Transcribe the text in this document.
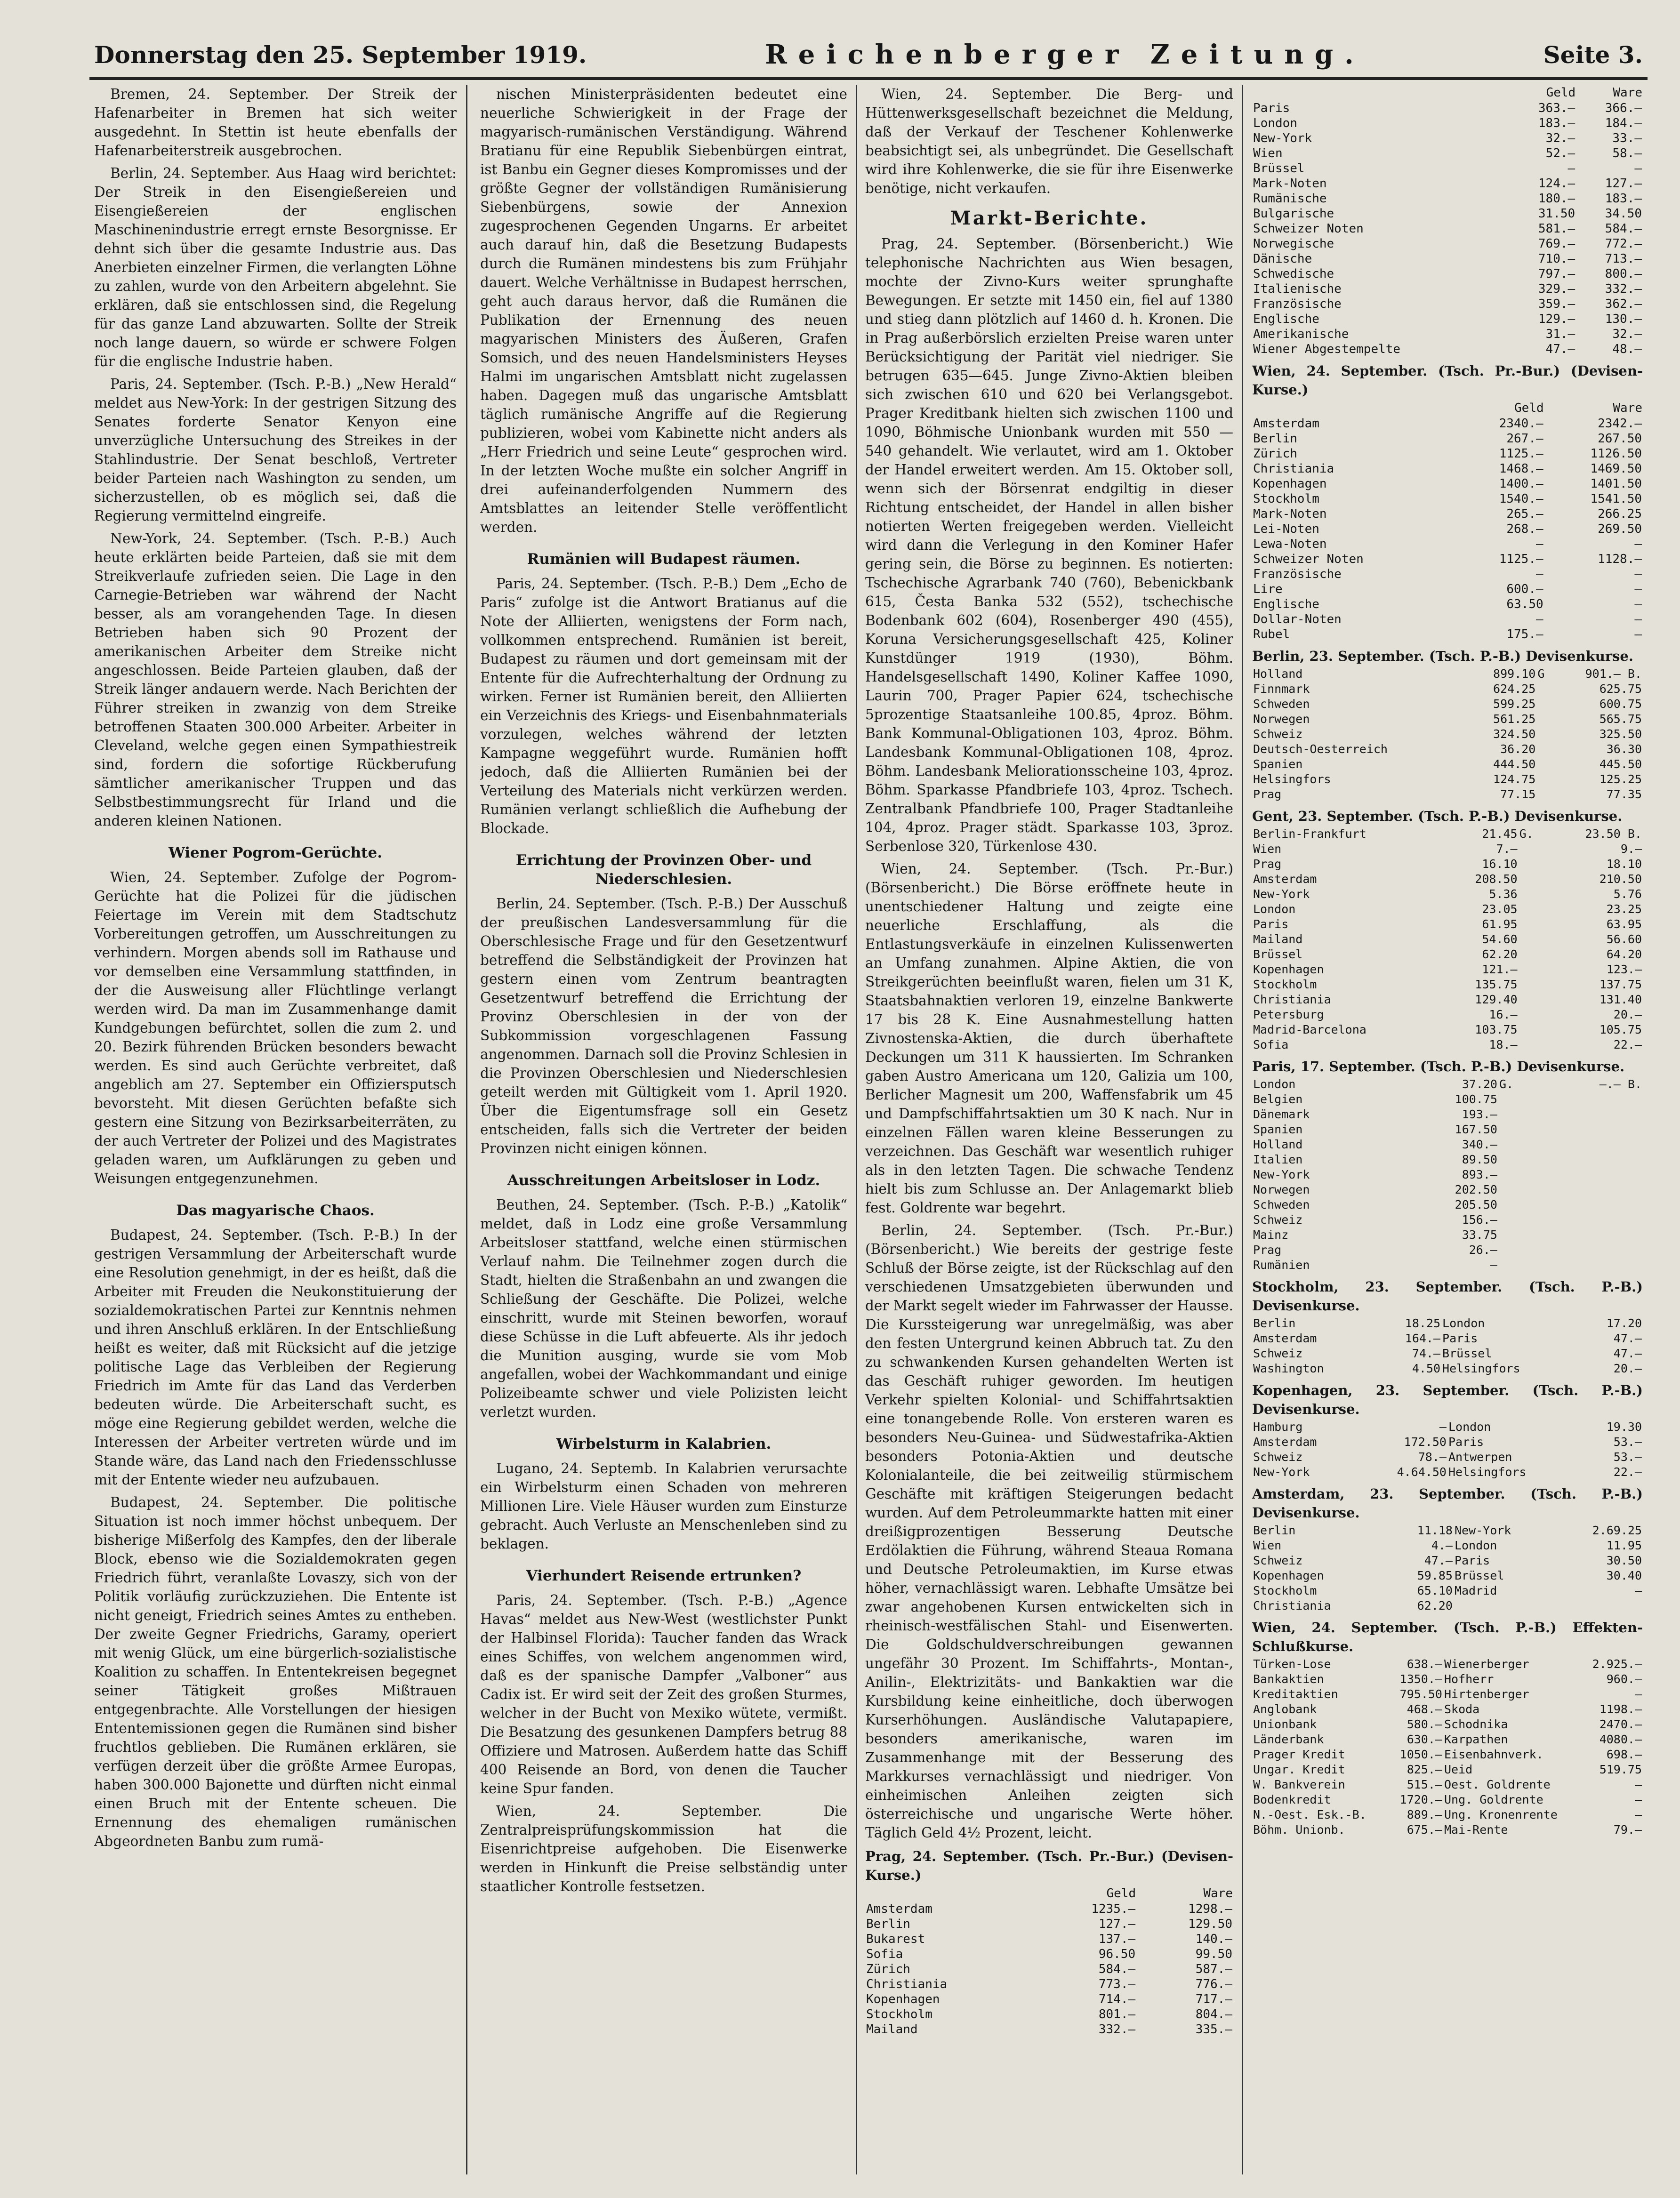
Donnerstag den 25. September 1919.	Reichenberger Zeitung.	Seite 3.

Bremen, 24. September. Der Streik der Hafenarbeiter in Bremen hat sich weiter ausgedehnt. In Stettin ist heute ebenfalls der Hafenarbeiterstreik ausgebrochen.

Berlin, 24. September. Aus Haag wird berichtet: Der Streik in den Eisengießereien und Eisengießereien der englischen Maschinenindustrie erregt ernste Besorgnisse. Er dehnt sich über die gesamte Industrie aus. Das Anerbieten einzelner Firmen, die verlangten Löhne zu zahlen, wurde von den Arbeitern abgelehnt. Sie erklären, daß sie entschlossen sind, die Regelung für das ganze Land abzuwarten. Sollte der Streik noch lange dauern, so würde er schwere Folgen für die englische Industrie haben.

Paris, 24. September. (Tsch. P.-B.) „New Herald“ meldet aus New-York: In der gestrigen Sitzung des Senates forderte Senator Kenyon eine unverzügliche Untersuchung des Streikes in der Stahlindustrie. Der Senat beschloß, Vertreter beider Parteien nach Washington zu senden, um sicherzustellen, ob es möglich sei, daß die Regierung vermittelnd eingreife.

New-York, 24. September. (Tsch. P.-B.) Auch heute erklärten beide Parteien, daß sie mit dem Streikverlaufe zufrieden seien. Die Lage in den Carnegie-Betrieben war während der Nacht besser, als am vorangehenden Tage. In diesen Betrieben haben sich 90 Prozent der amerikanischen Arbeiter dem Streike nicht angeschlossen. Beide Parteien glauben, daß der Streik länger andauern werde. Nach Berichten der Führer streiken in zwanzig von dem Streike betroffenen Staaten 300.000 Arbeiter. Arbeiter in Cleveland, welche gegen einen Sympathiestreik sind, fordern die sofortige Rückberufung sämtlicher amerikanischer Truppen und das Selbstbestimmungsrecht für Irland und die anderen kleinen Nationen.

Wiener Pogrom-Gerüchte.

Wien, 24. September. Zufolge der Pogrom-Gerüchte hat die Polizei für die jüdischen Feiertage im Verein mit dem Stadtschutz Vorbereitungen getroffen, um Ausschreitungen zu verhindern. Morgen abends soll im Rathause und vor demselben eine Versammlung stattfinden, in der die Ausweisung aller Flüchtlinge verlangt werden wird. Da man im Zusammenhange damit Kundgebungen befürchtet, sollen die zum 2. und 20. Bezirk führenden Brücken besonders bewacht werden. Es sind auch Gerüchte verbreitet, daß angeblich am 27. September ein Offiziersputsch bevorsteht. Mit diesen Gerüchten befaßte sich gestern eine Sitzung von Bezirksarbeiterräten, zu der auch Vertreter der Polizei und des Magistrates geladen waren, um Aufklärungen zu geben und Weisungen entgegenzunehmen.

Das magyarische Chaos.

Budapest, 24. September. (Tsch. P.-B.) In der gestrigen Versammlung der Arbeiterschaft wurde eine Resolution genehmigt, in der es heißt, daß die Arbeiter mit Freuden die Neukonstituierung der sozialdemokratischen Partei zur Kenntnis nehmen und ihren Anschluß erklären. In der Entschließung heißt es weiter, daß mit Rücksicht auf die jetzige politische Lage das Verbleiben der Regierung Friedrich im Amte für das Land das Verderben bedeuten würde. Die Arbeiterschaft sucht, es möge eine Regierung gebildet werden, welche die Interessen der Arbeiter vertreten würde und im Stande wäre, das Land nach den Friedensschlusse mit der Entente wieder neu aufzubauen.

Budapest, 24. September. Die politische Situation ist noch immer höchst unbequem. Der bisherige Mißerfolg des Kampfes, den der liberale Block, ebenso wie die Sozialdemokraten gegen Friedrich führt, veranlaßte Lovaszy, sich von der Politik vorläufig zurückzuziehen. Die Entente ist nicht geneigt, Friedrich seines Amtes zu entheben. Der zweite Gegner Friedrichs, Garamy, operiert mit wenig Glück, um eine bürgerlich-sozialistische Koalition zu schaffen. In Ententekreisen begegnet seiner Tätigkeit großes Mißtrauen entgegenbrachte. Alle Vorstellungen der hiesigen Ententemissionen gegen die Rumänen sind bisher fruchtlos geblieben. Die Rumänen erklären, sie verfügen derzeit über die größte Armee Europas, haben 300.000 Bajonette und dürften nicht einmal einen Bruch mit der Entente scheuen. Die Ernennung des ehemaligen rumänischen Abgeordneten Banbu zum rumä-

nischen Ministerpräsidenten bedeutet eine neuerliche Schwierigkeit in der Frage der magyarisch-rumänischen Verständigung. Während Bratianu für eine Republik Siebenbürgen eintrat, ist Banbu ein Gegner dieses Kompromisses und der größte Gegner der vollständigen Rumänisierung Siebenbürgens, sowie der Annexion zugesprochenen Gegenden Ungarns. Er arbeitet auch darauf hin, daß die Besetzung Budapests durch die Rumänen mindestens bis zum Frühjahr dauert. Welche Verhältnisse in Budapest herrschen, geht auch daraus hervor, daß die Rumänen die Publikation der Ernennung des neuen magyarischen Ministers des Äußeren, Grafen Somsich, und des neuen Handelsministers Heyses Halmi im ungarischen Amtsblatt nicht zugelassen haben. Dagegen muß das ungarische Amtsblatt täglich rumänische Angriffe auf die Regierung publizieren, wobei vom Kabinette nicht anders als „Herr Friedrich und seine Leute“ gesprochen wird. In der letzten Woche mußte ein solcher Angriff in drei aufeinanderfolgenden Nummern des Amtsblattes an leitender Stelle veröffentlicht werden.

Rumänien will Budapest räumen.

Paris, 24. September. (Tsch. P.-B.) Dem „Echo de Paris“ zufolge ist die Antwort Bratianus auf die Note der Alliierten, wenigstens der Form nach, vollkommen entsprechend. Rumänien ist bereit, Budapest zu räumen und dort gemeinsam mit der Entente für die Aufrechterhaltung der Ordnung zu wirken. Ferner ist Rumänien bereit, den Alliierten ein Verzeichnis des Kriegs- und Eisenbahnmaterials vorzulegen, welches während der letzten Kampagne weggeführt wurde. Rumänien hofft jedoch, daß die Alliierten Rumänien bei der Verteilung des Materials nicht verkürzen werden. Rumänien verlangt schließlich die Aufhebung der Blockade.

Errichtung der Provinzen Ober- und Niederschlesien.

Berlin, 24. September. (Tsch. P.-B.) Der Ausschuß der preußischen Landesversammlung für die Oberschlesische Frage und für den Gesetzentwurf betreffend die Selbständigkeit der Provinzen hat gestern einen vom Zentrum beantragten Gesetzentwurf betreffend die Errichtung der Provinz Oberschlesien in der von der Subkommission vorgeschlagenen Fassung angenommen. Darnach soll die Provinz Schlesien in die Provinzen Oberschlesien und Niederschlesien geteilt werden mit Gültigkeit vom 1. April 1920. Über die Eigentumsfrage soll ein Gesetz entscheiden, falls sich die Vertreter der beiden Provinzen nicht einigen können.

Ausschreitungen Arbeitsloser in Lodz.

Beuthen, 24. September. (Tsch. P.-B.) „Katolik“ meldet, daß in Lodz eine große Versammlung Arbeitsloser stattfand, welche einen stürmischen Verlauf nahm. Die Teilnehmer zogen durch die Stadt, hielten die Straßenbahn an und zwangen die Schließung der Geschäfte. Die Polizei, welche einschritt, wurde mit Steinen beworfen, worauf diese Schüsse in die Luft abfeuerte. Als ihr jedoch die Munition ausging, wurde sie vom Mob angefallen, wobei der Wachkommandant und einige Polizeibeamte schwer und viele Polizisten leicht verletzt wurden.

Wirbelsturm in Kalabrien.

Lugano, 24. Septemb. In Kalabrien verursachte ein Wirbelsturm einen Schaden von mehreren Millionen Lire. Viele Häuser wurden zum Einsturze gebracht. Auch Verluste an Menschenleben sind zu beklagen.

Vierhundert Reisende ertrunken?

Paris, 24. September. (Tsch. P.-B.) „Agence Havas“ meldet aus New-West (westlichster Punkt der Halbinsel Florida): Taucher fanden das Wrack eines Schiffes, von welchem angenommen wird, daß es der spanische Dampfer „Valboner“ aus Cadix ist. Er wird seit der Zeit des großen Sturmes, welcher in der Bucht von Mexiko wütete, vermißt. Die Besatzung des gesunkenen Dampfers betrug 88 Offiziere und Matrosen. Außerdem hatte das Schiff 400 Reisende an Bord, von denen die Taucher keine Spur fanden.

Wien, 24. September. Die Zentralpreisprüfungskommission hat die Eisenrichtpreise aufgehoben. Die Eisenwerke werden in Hinkunft die Preise selbständig unter staatlicher Kontrolle festsetzen.

Wien, 24. September. Die Berg- und Hüttenwerksgesellschaft bezeichnet die Meldung, daß der Verkauf der Teschener Kohlenwerke beabsichtigt sei, als unbegründet. Die Gesellschaft wird ihre Kohlenwerke, die sie für ihre Eisenwerke benötige, nicht verkaufen.

Markt-Berichte.

Prag, 24. September. (Börsenbericht.) Wie telephonische Nachrichten aus Wien besagen, mochte der Zivno-Kurs weiter sprunghafte Bewegungen. Er setzte mit 1450 ein, fiel auf 1380 und stieg dann plötzlich auf 1460 d. h. Kronen. Die in Prag außerbörslich erzielten Preise waren unter Berücksichtigung der Parität viel niedriger. Sie betrugen 635—645. Junge Zivno-Aktien bleiben sich zwischen 610 und 620 bei Verlangsgebot. Prager Kreditbank hielten sich zwischen 1100 und 1090, Böhmische Unionbank wurden mit 550 — 540 gehandelt. Wie verlautet, wird am 1. Oktober der Handel erweitert werden. Am 15. Oktober soll, wenn sich der Börsenrat endgiltig in dieser Richtung entscheidet, der Handel in allen bisher notierten Werten freigegeben werden. Vielleicht wird dann die Verlegung in den Kominer Hafer gering sein, die Börse zu beginnen. Es notierten: Tschechische Agrarbank 740 (760), Bebenickbank 615, Česta Banka 532 (552), tschechische Bodenbank 602 (604), Rosenberger 490 (455), Koruna Versicherungsgesellschaft 425, Koliner Kunstdünger 1919 (1930), Böhm. Handelsgesellschaft 1490, Koliner Kaffee 1090, Laurin 700, Prager Papier 624, tschechische 5prozentige Staatsanleihe 100.85, 4proz. Böhm. Bank Kommunal-Obligationen 103, 4proz. Böhm. Landesbank Kommunal-Obligationen 108, 4proz. Böhm. Landesbank Meliorationsscheine 103, 4proz. Böhm. Sparkasse Pfandbriefe 103, 4proz. Tschech. Zentralbank Pfandbriefe 100, Prager Stadtanleihe 104, 4proz. Prager städt. Sparkasse 103, 3proz. Serbenlose 320, Türkenlose 430.

Wien, 24. September. (Tsch. Pr.-Bur.) (Börsenbericht.) Die Börse eröffnete heute in unentschiedener Haltung und zeigte eine neuerliche Erschlaffung, als die Entlastungsverkäufe in einzelnen Kulissenwerten an Umfang zunahmen. Alpine Aktien, die von Streikgerüchten beeinflußt waren, fielen um 31 K, Staatsbahnaktien verloren 19, einzelne Bankwerte 17 bis 28 K. Eine Ausnahmestellung hatten Zivnostenska-Aktien, die durch überhaftete Deckungen um 311 K haussierten. Im Schranken gaben Austro Americana um 120, Galizia um 100, Berlicher Magnesit um 200, Waffensfabrik um 45 und Dampfschiffahrtsaktien um 30 K nach. Nur in einzelnen Fällen waren kleine Besserungen zu verzeichnen. Das Geschäft war wesentlich ruhiger als in den letzten Tagen. Die schwache Tendenz hielt bis zum Schlusse an. Der Anlagemarkt blieb fest. Goldrente war begehrt.

Berlin, 24. September. (Tsch. Pr.-Bur.) (Börsenbericht.) Wie bereits der gestrige feste Schluß der Börse zeigte, ist der Rückschlag auf den verschiedenen Umsatzgebieten überwunden und der Markt segelt wieder im Fahrwasser der Hausse. Die Kurssteigerung war unregelmäßig, was aber den festen Untergrund keinen Abbruch tat. Zu den zu schwankenden Kursen gehandelten Werten ist das Geschäft ruhiger geworden. Im heutigen Verkehr spielten Kolonial- und Schiffahrtsaktien eine tonangebende Rolle. Von ersteren waren es besonders Neu-Guinea- und Südwestafrika-Aktien besonders Potonia-Aktien und deutsche Kolonialanteile, die bei zeitweilig stürmischem Geschäfte mit kräftigen Steigerungen bedacht wurden. Auf dem Petroleummarkte hatten mit einer dreißigprozentigen Besserung Deutsche Erdölaktien die Führung, während Steaua Romana und Deutsche Petroleumaktien, im Kurse etwas höher, vernachlässigt waren. Lebhafte Umsätze bei zwar angehobenen Kursen entwickelten sich in rheinisch-westfälischen Stahl- und Eisenwerten. Die Goldschuldverschreibungen gewannen ungefähr 30 Prozent. Im Schiffahrts-, Montan-, Anilin-, Elektrizitäts- und Bankaktien war die Kursbildung keine einheitliche, doch überwogen Kurserhöhungen. Ausländische Valutapapiere, besonders amerikanische, waren im Zusammenhange mit der Besserung des Markkurses vernachlässigt und niedriger. Von einheimischen Anleihen zeigten sich österreichische und ungarische Werte höher. Täglich Geld 4½ Prozent, leicht.

Prag, 24. September. (Tsch. Pr.-Bur.) (Devisen-Kurse.)
	Geld	Ware
Amsterdam	1235.—	1298.—
Berlin	127.—	129.50
Bukarest	137.—	140.—
Sofia	96.50	99.50
Zürich	584.—	587.—
Christiania	773.—	776.—
Kopenhagen	714.—	717.—
Stockholm	801.—	804.—
Mailand	332.—	335.—
	Geld	Ware
Paris	363.—	366.—
London	183.—	184.—
New-York	32.—	33.—
Wien	52.—	58.—
Brüssel	—	—
Mark-Noten	124.—	127.—
Rumänische	180.—	183.—
Bulgarische	31.50	34.50
Schweizer Noten	581.—	584.—
Norwegische	769.—	772.—
Dänische	710.—	713.—
Schwedische	797.—	800.—
Italienische	329.—	332.—
Französische	359.—	362.—
Englische	129.—	130.—
Amerikanische	31.—	32.—
Wiener Abgestempelte	47.—	48.—
Wien, 24. September. (Tsch. Pr.-Bur.) (Devisen-Kurse.)
	Geld	Ware
Amsterdam	2340.—	2342.—
Berlin	267.—	267.50
Zürich	1125.—	1126.50
Christiania	1468.—	1469.50
Kopenhagen	1400.—	1401.50
Stockholm	1540.—	1541.50
Mark-Noten	265.—	266.25
Lei-Noten	268.—	269.50
Lewa-Noten	—	—
Schweizer Noten	1125.—	1128.—
Französische	—	—
Lire	600.—	—
Englische	63.50	—
Dollar-Noten	—	—
Rubel	175.—	—
Berlin, 23. September. (Tsch. P.-B.) Devisenkurse.
Holland	899.10	G	901.— B.
Finnmark	624.25		625.75
Schweden	599.25		600.75
Norwegen	561.25		565.75
Schweiz	324.50		325.50
Deutsch-Oesterreich	36.20		36.30
Spanien	444.50		445.50
Helsingfors	124.75		125.25
Prag	77.15		77.35
Gent, 23. September. (Tsch. P.-B.) Devisenkurse.
Berlin-Frankfurt	21.45	G.	23.50 B.
Wien	7.—		9.—
Prag	16.10		18.10
Amsterdam	208.50		210.50
New-York	5.36		5.76
London	23.05		23.25
Paris	61.95		63.95
Mailand	54.60		56.60
Brüssel	62.20		64.20
Kopenhagen	121.—		123.—
Stockholm	135.75		137.75
Christiania	129.40		131.40
Petersburg	16.—		20.—
Madrid-Barcelona	103.75		105.75
Sofia	18.—		22.—
Paris, 17. September. (Tsch. P.-B.) Devisenkurse.
London	37.20	G.	—.— B.
Belgien	100.75		
Dänemark	193.—		
Spanien	167.50		
Holland	340.—		
Italien	89.50		
New-York	893.—		
Norwegen	202.50		
Schweden	205.50		
Schweiz	156.—		
Mainz	33.75		
Prag	26.—		
Rumänien	—		
Stockholm, 23. September. (Tsch. P.-B.) Devisenkurse.
Berlin	18.25	London	17.20
Amsterdam	164.—	Paris	47.—
Schweiz	74.—	Brüssel	47.—
Washington	4.50	Helsingfors	20.—
Kopenhagen, 23. September. (Tsch. P.-B.) Devisenkurse.
Hamburg	—	London	19.30
Amsterdam	172.50	Paris	53.—
Schweiz	78.—	Antwerpen	53.—
New-York	4.64.50	Helsingfors	22.—
Amsterdam, 23. September. (Tsch. P.-B.) Devisenkurse.
Berlin	11.18	New-York	2.69.25
Wien	4.—	London	11.95
Schweiz	47.—	Paris	30.50
Kopenhagen	59.85	Brüssel	30.40
Stockholm	65.10	Madrid	—
Christiania	62.20		
Wien, 24. September. (Tsch. P.-B.) Effekten-Schlußkurse.
Türken-Lose	638.—	Wienerberger	2.925.—
Bankaktien	1350.—	Hofherr	960.—
Kreditaktien	795.50	Hirtenberger	—
Anglobank	468.—	Skoda	1198.—
Unionbank	580.—	Schodnika	2470.—
Länderbank	630.—	Karpathen	4080.—
Prager Kredit	1050.—	Eisenbahnverk.	698.—
Ungar. Kredit	825.—	Ueid	519.75
W. Bankverein	515.—	Oest. Goldrente	—
Bodenkredit	1720.—	Ung. Goldrente	—
N.-Oest. Esk.-B.	889.—	Ung. Kronenrente	—
Böhm. Unionb.	675.—	Mai-Rente	79.—
